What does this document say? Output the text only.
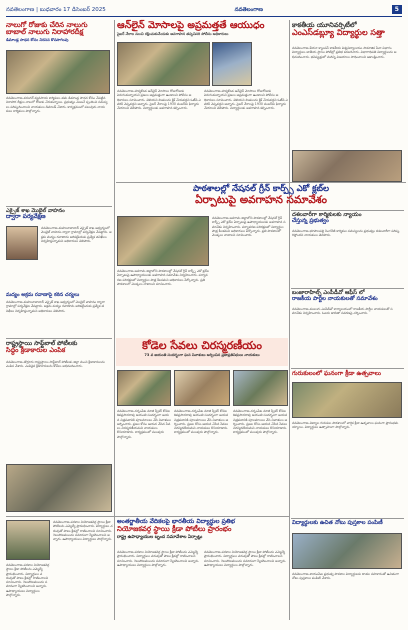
నవతెలంగాణ | బుధవారం 17 డిసెంబర్ 2025	నవతెలంగాణ	5
నాలుగో రోజుకు చేరిన నాలుగు
బాబాల్ నాలుగు నిరాహారదీక్ష
డిమాండ్ల సాధన కోసం నిరసన కొనసాగింపు
నవతెలంగాణ-వరంగల్ వ్యవసాయ కార్మికులు తమ డిమాండ్ల సాధన కోసం చేపట్టిన నిరాహార దీక్షలు నాలుగో రోజుకు చేరుకున్నాయి. ప్రభుత్వం వెంటనే స్పందించి సమస్యలు పరిష్కరించాలని నాయకులు డిమాండ్ చేశారు. కార్యక్రమంలో పలువురు నాయకులు కార్మికులు పాల్గొన్నారు.
ఆన్‌లైన్ మోసాలపై అప్రమత్తతే ఆయుధం
సైబర్ నేరాల నుంచి రక్షించుకునేందుకు అవగాహన తప్పనిసరి పోలీసు అధికారులు
నవతెలంగాణ-హన్మకొండ ఆన్‌లైన్ మోసాలు రోజురోజుకు పెరుగుతున్నాయని ప్రజలు అప్రమత్తంగా ఉండాలని పోలీసు అధికారులు సూచించారు. తెలియని లింకులను క్లిక్ చేయవద్దని ఓటీపీ ఎవరికీ చెప్పవద్దని అన్నారు. సైబర్ నేరాలపై 1930 నంబర్‌కు ఫిర్యాదు చేయాలని తెలిపారు. విద్యార్థులకు అవగాహన కల్పించారు.
నవతెలంగాణ-హన్మకొండ ఆన్‌లైన్ మోసాలు రోజురోజుకు పెరుగుతున్నాయని ప్రజలు అప్రమత్తంగా ఉండాలని పోలీసు అధికారులు సూచించారు. తెలియని లింకులను క్లిక్ చేయవద్దని ఓటీపీ ఎవరికీ చెప్పవద్దని అన్నారు. సైబర్ నేరాలపై 1930 నంబర్‌కు ఫిర్యాదు చేయాలని తెలిపారు. విద్యార్థులకు అవగాహన కల్పించారు.
కాకతీయ యూనివర్సిటీలో
ఎంఎస్‌డబ్ల్యూ విద్యార్థుల సత్తా
నవతెలంగాణ-కేయూ క్యాంపస్ కాకతీయ విశ్వవిద్యాలయం సామాజిక సేవా విభాగం విద్యార్థులు జాతీయ స్థాయి పోటీల్లో ప్రతిభ కనబరిచారు. విభాగాధిపతి విద్యార్థులను అభినందించారు. భవిష్యత్తులో మరిన్ని విజయాలు సాధించాలని ఆకాంక్షించారు.
పాఠశాలల్లో నేషనల్ గ్రీన్ కార్ప్స్ ఎకో క్లబ్‌ల
ఏర్పాటుపై అవగాహన సమావేశం
నవతెలంగాణ-జనగామ జిల్లాలోని పాఠశాలల్లో నేషనల్ గ్రీన్ కార్ప్స్ ఎకో క్లబ్‌ల ఏర్పాటుపై ఉపాధ్యాయులకు అవగాహన సమావేశం నిర్వహించారు. పర్యావరణ పరిరక్షణలో విద్యార్థుల పాత్ర కీలకమని అధికారులు పేర్కొన్నారు. ప్రతి పాఠశాలలో మొక్కలు నాటాలని సూచించారు.
నవతెలంగాణ-జనగామ జిల్లాలోని పాఠశాలల్లో నేషనల్ గ్రీన్ కార్ప్స్ ఎకో క్లబ్‌ల ఏర్పాటుపై ఉపాధ్యాయులకు అవగాహన సమావేశం నిర్వహించారు. పర్యావరణ పరిరక్షణలో విద్యార్థుల పాత్ర కీలకమని అధికారులు పేర్కొన్నారు. ప్రతి పాఠశాలలో మొక్కలు నాటాలని సూచించారు.
ఎక్సైజ్ శాఖ మొబైల్ వాహనం
ద్వారా పర్యవేక్షణ
నవతెలంగాణ-మహబూబాబాద్ ఎక్సైజ్ శాఖ ఆధ్వర్యంలో మొబైల్ వాహనం ద్వారా గ్రామాల్లో పర్యవేక్షణ చేపట్టారు. అక్రమ మద్యం రవాణాను అరికట్టేందుకు ప్రత్యేక తనిఖీలు నిర్వహిస్తున్నామని అధికారులు తెలిపారు.
మద్యం అక్రమ రవాణాపై కఠిన చర్యలు
నవతెలంగాణ-మహబూబాబాద్ ఎక్సైజ్ శాఖ ఆధ్వర్యంలో మొబైల్ వాహనం ద్వారా గ్రామాల్లో పర్యవేక్షణ చేపట్టారు. అక్రమ మద్యం రవాణాను అరికట్టేందుకు ప్రత్యేక తనిఖీలు నిర్వహిస్తున్నామని అధికారులు తెలిపారు.
రాష్ట్రస్థాయి సాఫ్ట్‌బాల్ పోటీలకు
సిద్ధం క్రీడాకారుల ఎంపిక
నవతెలంగాణ-తొర్రూరు రాష్ట్రస్థాయి సాఫ్ట్‌బాల్ పోటీలకు జిల్లా నుంచి క్రీడాకారులను ఎంపిక చేశారు. ఎంపికైన క్రీడాకారులను కోచ్‌లు అభినందించారు.
కోడెల సేవలు చిరస్మరణీయం
73 వ జయంతి సందర్భంగా ఘన నివాళులు అర్పించిన ప్రజాప్రతినిధులు నాయకులు
నవతెలంగాణ-నర్సంపేట మాజీ స్పీకర్ కోడెల శివప్రసాదరావు జయంతి సందర్భంగా ఆయన చిత్రపటానికి పూలమాలలు వేసి నివాళులు అర్పించారు. ప్రజల కోసం ఆయన చేసిన సేవలు చిరస్మరణీయమని నాయకులు కొనియాడారు. కార్యక్రమంలో పలువురు పాల్గొన్నారు.
నవతెలంగాణ-నర్సంపేట మాజీ స్పీకర్ కోడెల శివప్రసాదరావు జయంతి సందర్భంగా ఆయన చిత్రపటానికి పూలమాలలు వేసి నివాళులు అర్పించారు. ప్రజల కోసం ఆయన చేసిన సేవలు చిరస్మరణీయమని నాయకులు కొనియాడారు. కార్యక్రమంలో పలువురు పాల్గొన్నారు.
నవతెలంగాణ-నర్సంపేట మాజీ స్పీకర్ కోడెల శివప్రసాదరావు జయంతి సందర్భంగా ఆయన చిత్రపటానికి పూలమాలలు వేసి నివాళులు అర్పించారు. ప్రజల కోసం ఆయన చేసిన సేవలు చిరస్మరణీయమని నాయకులు కొనియాడారు. కార్యక్రమంలో పలువురు పాల్గొన్నారు.
దశలవారీగా కార్మికులకు న్యాయం
చేస్తున్న ప్రభుత్వం
నవతెలంగాణ-భూపాలపల్లి సింగరేణి కార్మికుల సమస్యలను ప్రభుత్వం దశలవారీగా పరిష్కరిస్తోందని నాయకులు తెలిపారు.
బంజారాహిల్స్ ఎంపీడీవో ఆఫీస్ లో
రాజకీయ పార్టీల నాయకులతో సమావేశం
నవతెలంగాణ-ములుగు ఎంపీడీవో కార్యాలయంలో రాజకీయ పార్టీల నాయకులతో సమావేశం నిర్వహించారు. ఓటరు జాబితా సవరణపై చర్చించారు.
గురుకులంలో ఘనంగా క్రీడా ఉత్సవాలు
నవతెలంగాణ-చిట్యాల గురుకుల పాఠశాలలో వార్షిక క్రీడా ఉత్సవాలు ఘనంగా ప్రారంభమయ్యాయి. విద్యార్థులు ఉత్సాహంగా పాల్గొన్నారు.
అంతర్జాతీయ వేదికలపై భారతీయ విద్యార్థుల ప్రతిభ
నియోజకవర్గ స్థాయి క్రీడా పోటీలు ప్రారంభం
రాష్ట్ర ఉపాధ్యాయుల బృంద సమావేశాల ఏర్పాట్లు
నవతెలంగాణ-పరకాల నియోజకవర్గ స్థాయి క్రీడా పోటీలను ఎమ్మెల్యే ప్రారంభించారు. విద్యార్థులు చదువుతో పాటు క్రీడల్లో రాణించాలని సూచించారు. గెలుపోటములను సమానంగా స్వీకరించాలని అన్నారు. ఉపాధ్యాయులు విద్యార్థులు పాల్గొన్నారు.
నవతెలంగాణ-పరకాల నియోజకవర్గ స్థాయి క్రీడా పోటీలను ఎమ్మెల్యే ప్రారంభించారు. విద్యార్థులు చదువుతో పాటు క్రీడల్లో రాణించాలని సూచించారు. గెలుపోటములను సమానంగా స్వీకరించాలని అన్నారు. ఉపాధ్యాయులు విద్యార్థులు పాల్గొన్నారు.
నవతెలంగాణ-పరకాల నియోజకవర్గ స్థాయి క్రీడా పోటీలను ఎమ్మెల్యే ప్రారంభించారు. విద్యార్థులు చదువుతో పాటు క్రీడల్లో రాణించాలని సూచించారు. గెలుపోటములను సమానంగా స్వీకరించాలని అన్నారు. ఉపాధ్యాయులు విద్యార్థులు పాల్గొన్నారు.
నవతెలంగాణ-పరకాల నియోజకవర్గ స్థాయి క్రీడా పోటీలను ఎమ్మెల్యే ప్రారంభించారు. విద్యార్థులు చదువుతో పాటు క్రీడల్లో రాణించాలని సూచించారు. గెలుపోటములను సమానంగా స్వీకరించాలని అన్నారు. ఉపాధ్యాయులు విద్యార్థులు పాల్గొన్నారు.
విద్యార్థులకు ఉచిత నోటు పుస్తకాల పంపిణీ
నవతెలంగాణ-శాయంపేట ప్రభుత్వ పాఠశాల విద్యార్థులకు దాతల సహకారంతో ఉచితంగా నోటు పుస్తకాలు పంపిణీ చేశారు.
